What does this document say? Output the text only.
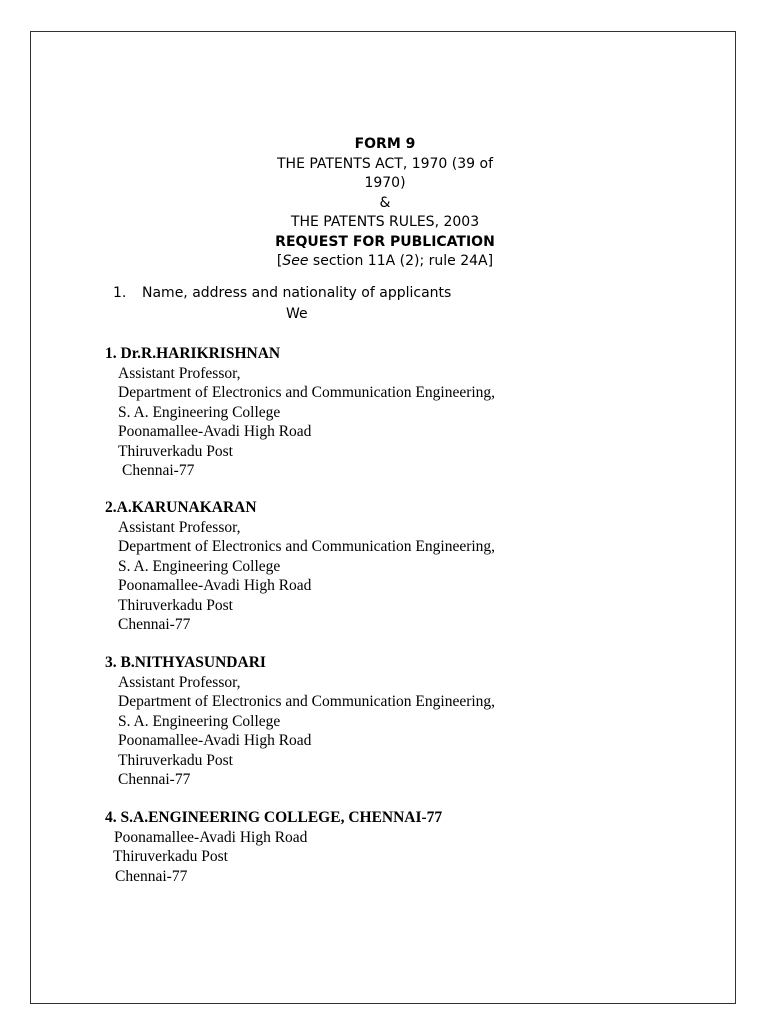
FORM 9
THE PATENTS ACT, 1970 (39 of
1970)
&
THE PATENTS RULES, 2003
REQUEST FOR PUBLICATION
[See section 11A (2); rule 24A]
1. Name, address and nationality of applicants
We
1. Dr.R.HARIKRISHNAN
Assistant Professor,
Department of Electronics and Communication Engineering,
S. A. Engineering College
Poonamallee-Avadi High Road
Thiruverkadu Post
Chennai-77
2.A.KARUNAKARAN
Assistant Professor,
Department of Electronics and Communication Engineering,
S. A. Engineering College
Poonamallee-Avadi High Road
Thiruverkadu Post
Chennai-77
3. B.NITHYASUNDARI
Assistant Professor,
Department of Electronics and Communication Engineering,
S. A. Engineering College
Poonamallee-Avadi High Road
Thiruverkadu Post
Chennai-77
4. S.A.ENGINEERING COLLEGE, CHENNAI-77
Poonamallee-Avadi High Road
Thiruverkadu Post
Chennai-77
